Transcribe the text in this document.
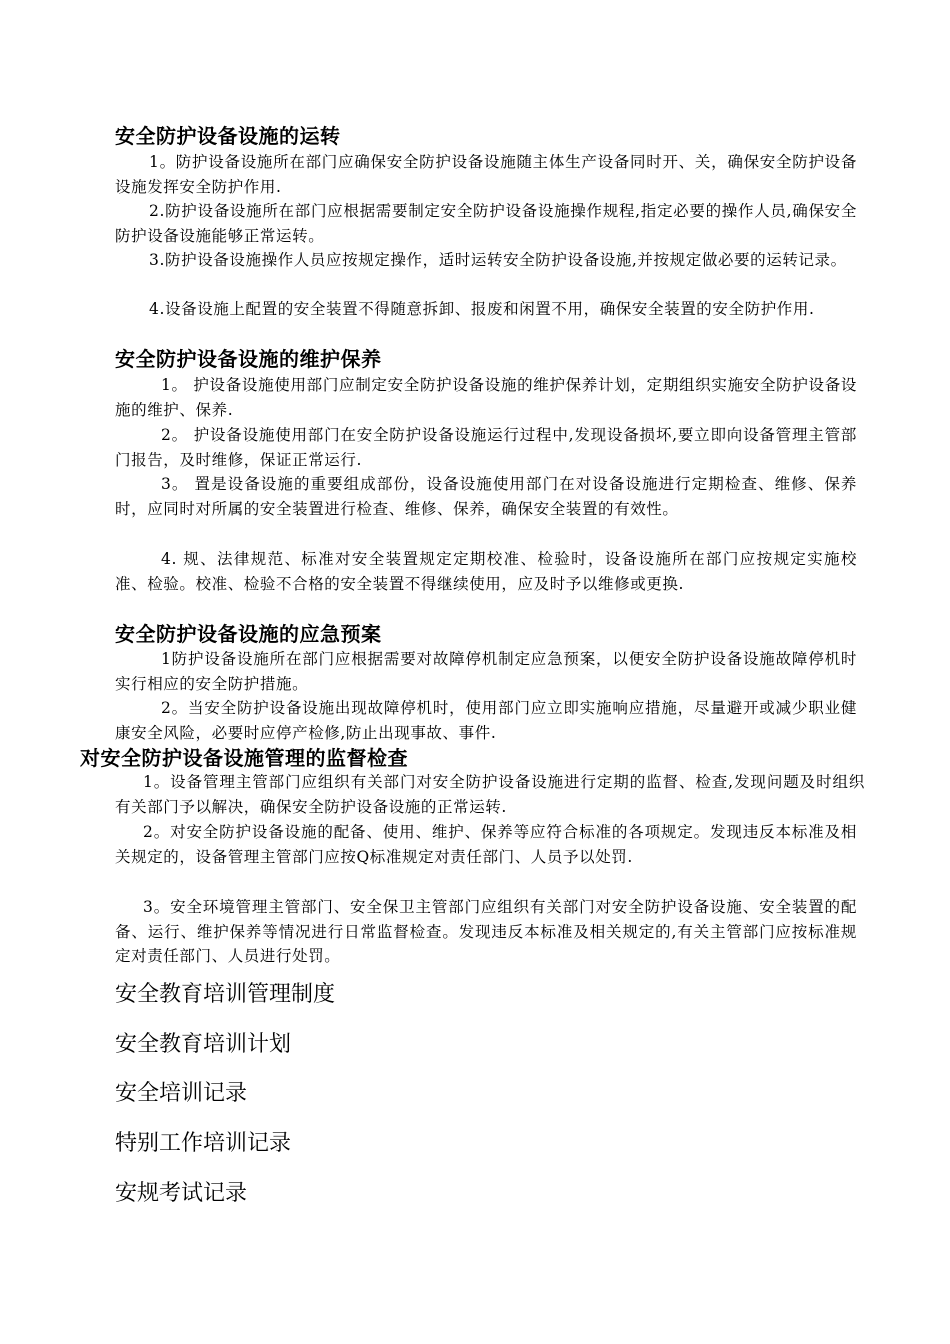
安全防护设备设施的运转
1。防护设备设施所在部门应确保安全防护设备设施随主体生产设备同时开、关，确保安全防护设备设施发挥安全防护作用.
2.防护设备设施所在部门应根据需要制定安全防护设备设施操作规程,指定必要的操作人员,确保安全防护设备设施能够正常运转。
3.防护设备设施操作人员应按规定操作，适时运转安全防护设备设施,并按规定做必要的运转记录。
4.设备设施上配置的安全装置不得随意拆卸、报废和闲置不用，确保安全装置的安全防护作用.
安全防护设备设施的维护保养
1。 护设备设施使用部门应制定安全防护设备设施的维护保养计划，定期组织实施安全防护设备设施的维护、保养.
2。 护设备设施使用部门在安全防护设备设施运行过程中,发现设备损坏,要立即向设备管理主管部门报告，及时维修，保证正常运行.
3。 置是设备设施的重要组成部份，设备设施使用部门在对设备设施进行定期检查、维修、保养时，应同时对所属的安全装置进行检查、维修、保养，确保安全装置的有效性。
4. 规、法律规范、标准对安全装置规定定期校准、检验时，设备设施所在部门应按规定实施校准、检验。校准、检验不合格的安全装置不得继续使用，应及时予以维修或更换.
安全防护设备设施的应急预案
1防护设备设施所在部门应根据需要对故障停机制定应急预案，以便安全防护设备设施故障停机时实行相应的安全防护措施。
2。当安全防护设备设施出现故障停机时，使用部门应立即实施响应措施，尽量避开或减少职业健康安全风险，必要时应停产检修,防止出现事故、事件.
对安全防护设备设施管理的监督检查
1。设备管理主管部门应组织有关部门对安全防护设备设施进行定期的监督、检查,发现问题及时组织有关部门予以解决，确保安全防护设备设施的正常运转.
2。对安全防护设备设施的配备、使用、维护、保养等应符合标准的各项规定。发现违反本标准及相关规定的，设备管理主管部门应按Q标准规定对责任部门、人员予以处罚.
3。安全环境管理主管部门、安全保卫主管部门应组织有关部门对安全防护设备设施、安全装置的配备、运行、维护保养等情况进行日常监督检查。发现违反本标准及相关规定的,有关主管部门应按标准规定对责任部门、人员进行处罚。
安全教育培训管理制度
安全教育培训计划
安全培训记录
特别工作培训记录
安规考试记录
